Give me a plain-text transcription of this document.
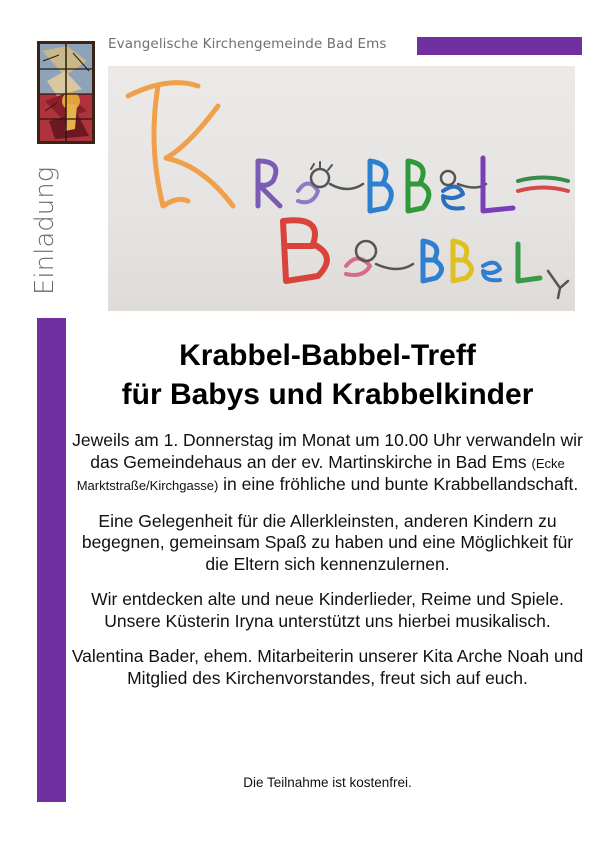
Evangelische Kirchengemeinde Bad Ems
Einladung
Krabbel-Babbel-Treff
für Babys und Krabbelkinder

Jeweils am 1. Donnerstag im Monat um 10.00 Uhr verwandeln wir das Gemeindehaus an der ev. Martinskirche in Bad Ems (Ecke Marktstraße/Kirchgasse) in eine fröhliche und bunte Krabbellandschaft.

Eine Gelegenheit für die Allerkleinsten, anderen Kindern zu begegnen, gemeinsam Spaß zu haben und eine Möglichkeit für die Eltern sich kennenzulernen.

Wir entdecken alte und neue Kinderlieder, Reime und Spiele. Unsere Küsterin Iryna unterstützt uns hierbei musikalisch.

Valentina Bader, ehem. Mitarbeiterin unserer Kita Arche Noah und Mitglied des Kirchenvorstandes, freut sich auf euch.

Die Teilnahme ist kostenfrei.
